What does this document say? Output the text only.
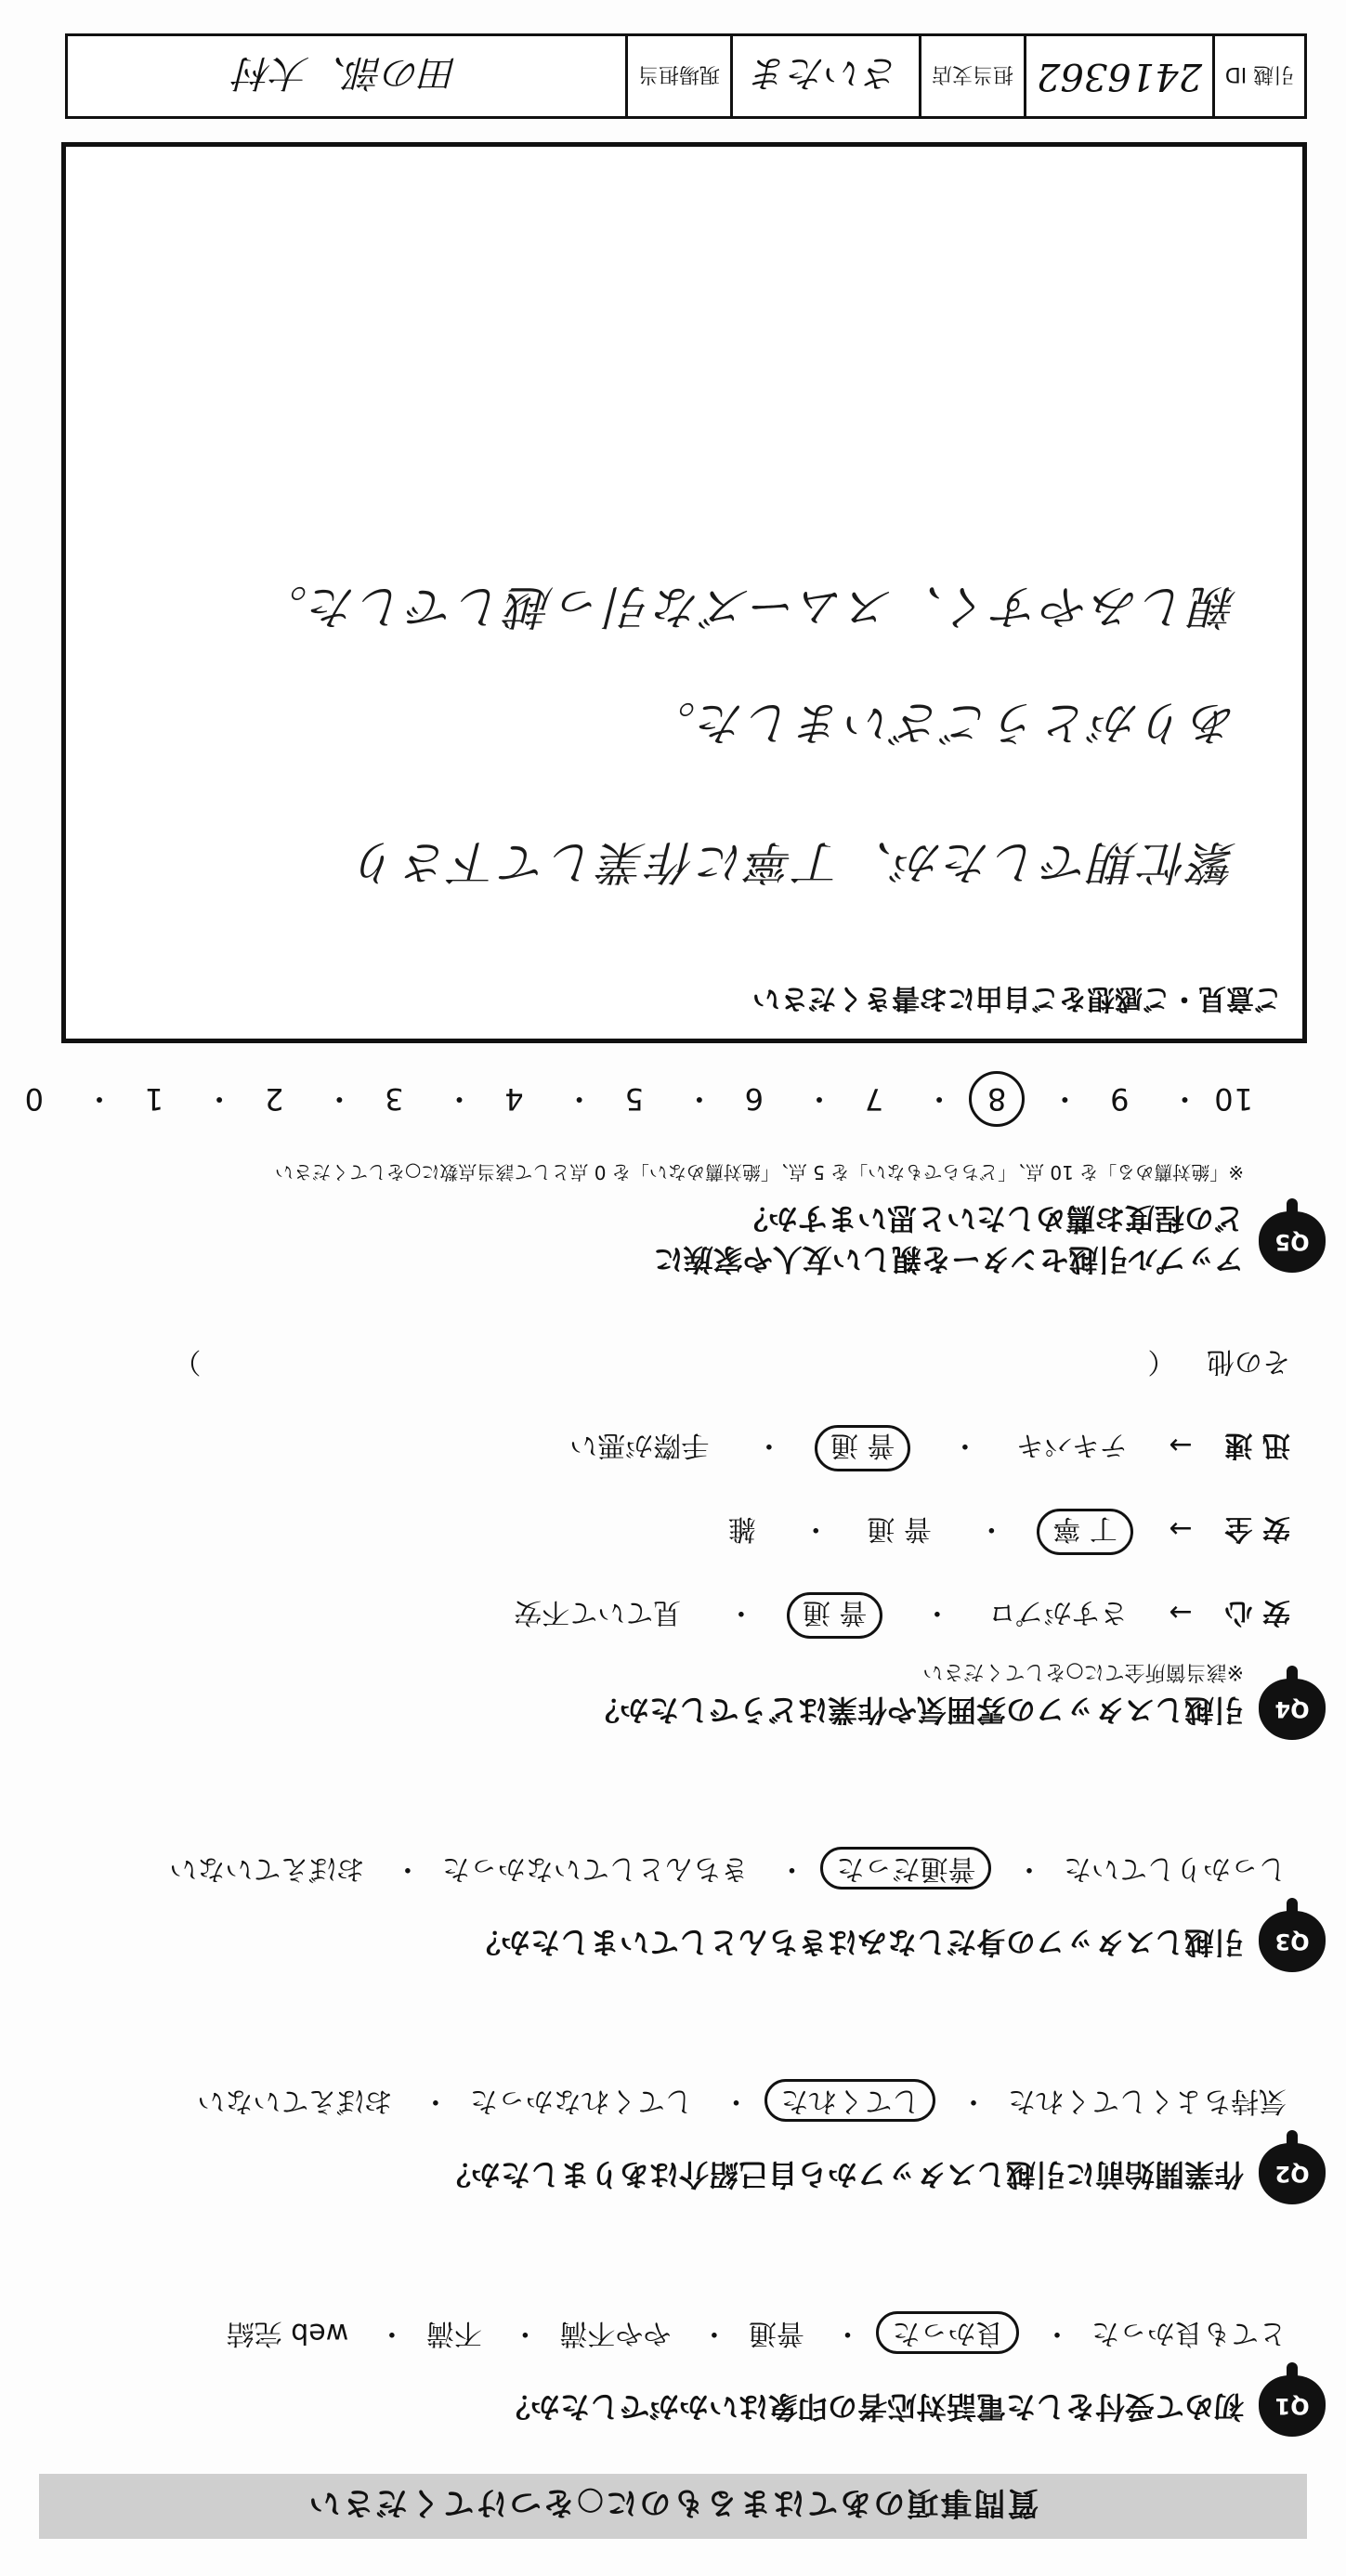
質問事項のあてはまるものに○をつけてください
Q1
初めて受付をした電話対応者の印象はいかがでしたか？
とても良かった・ 良かった・ 普通・ やや不満・ 不満・ web 完結
Q2
作業開始前に引越しスタッフから自己紹介はありましたか？
気持ちよくしてくれた・ してくれた・ してくれなかった・ おぼえていない
Q3
引越しスタッフの身だしなみはきちんとしていましたか？
しっかりしていた・ 普通だった・ きちんとしていなかった・ おぼえていない
Q4
引越しスタッフの雰囲気や作業はどうでしたか？
※該当箇所全てに○をしてください
安 心 → さすがプロ・ 普 通・ 見ていて不安
安 全 → 丁 寧・ 普 通・ 雑
迅 速 → テキパキ・ 普 通・ 手際が悪い
その他 （  ）
Q5
アップル引越センターを親しい友人や家族に
どの程度お薦めしたいと思いますか？
※「絶対薦める」を 10 点、「どちらでもない」を 5 点、「絶対薦めない」を 0 点として該当点数に○をしてください
10・ 9・ 8・ 7・ 6・ 5・ 4・ 3・ 2・ 1・ 0
ご意見・ご感想をご自由にお書きください
繁忙期でしたが、丁寧に作業して下さり
ありがとうございました。
親しみやすく、スムーズな引っ越しでした。
引越 ID
2416362
担当支店
さいたま
現場担当
田の部、大村
